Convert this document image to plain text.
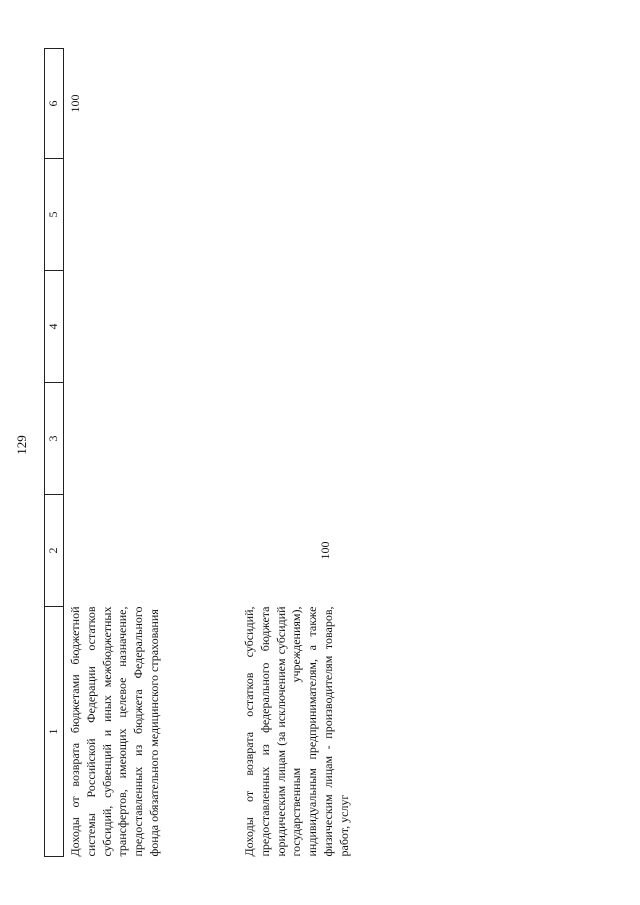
129
1	2	3	4	5	6
Доходы от возврата бюджетами бюджетной системы Российской Федерации остатков субсидий, субвенций и иных межбюджетных трансфертов, имеющих целевое назначение, предоставленных из бюджета Федерального фонда обязательного медицинского страхования					100
Доходы от возврата остатков субсидий, предоставленных из федерального бюджета юридическим лицам (за исключением субсидий государственным учреждениям), индивидуальным предпринимателям, а также физическим лицам - производителям товаров, работ, услуг	100				
